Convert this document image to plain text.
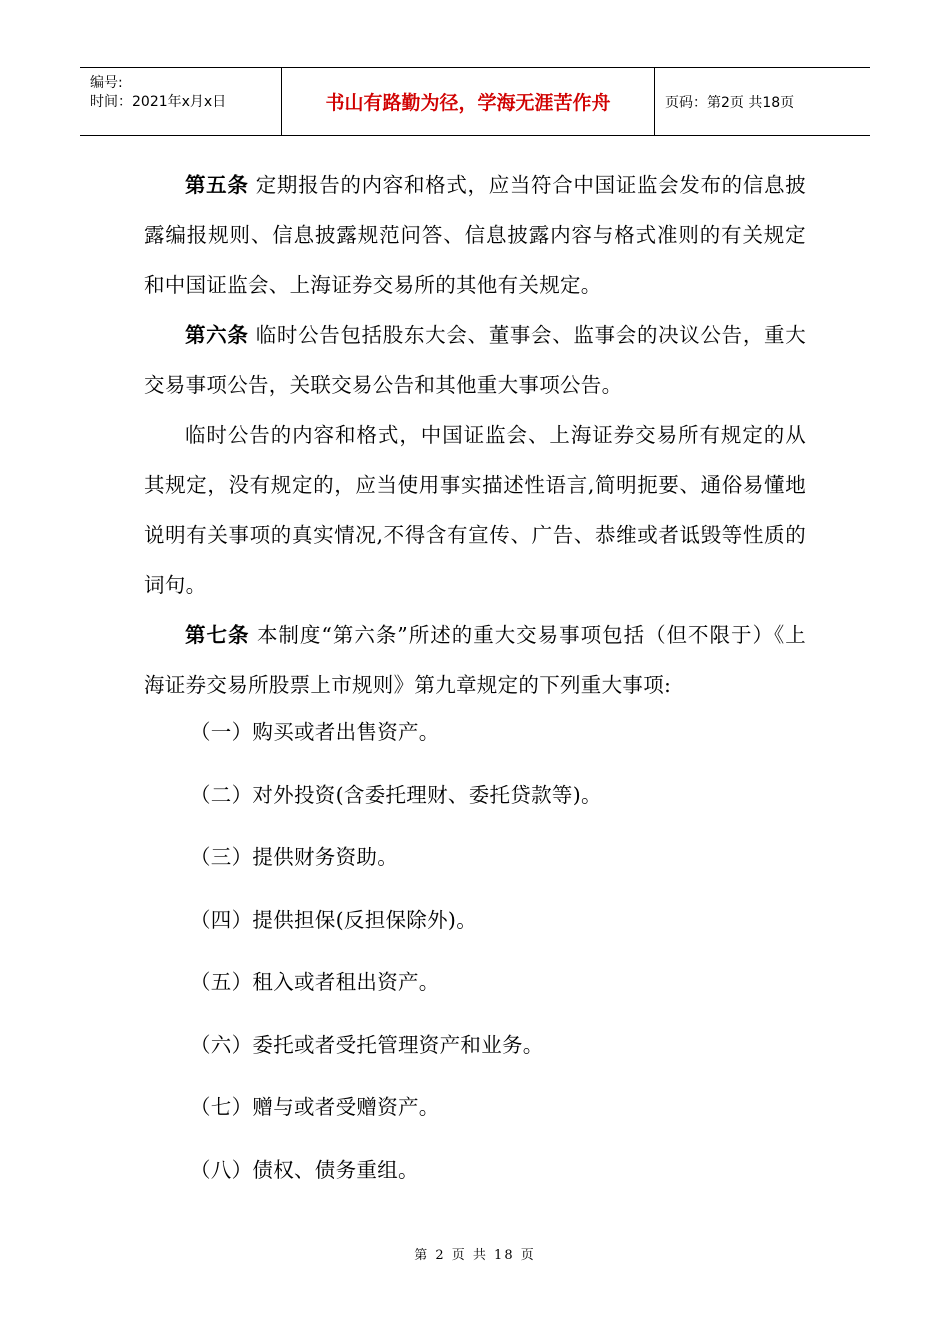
编号:
时间：2021年x月x日	书山有路勤为径，学海无涯苦作舟	页码：第2页 共18页

第五条 定期报告的内容和格式，应当符合中国证监会发布的信息披露编报规则、信息披露规范问答、信息披露内容与格式准则的有关规定和中国证监会、上海证券交易所的其他有关规定。

第六条 临时公告包括股东大会、董事会、监事会的决议公告，重大交易事项公告，关联交易公告和其他重大事项公告。

临时公告的内容和格式，中国证监会、上海证券交易所有规定的从其规定，没有规定的，应当使用事实描述性语言,简明扼要、通俗易懂地说明有关事项的真实情况,不得含有宣传、广告、恭维或者诋毁等性质的词句。

第七条 本制度“第六条”所述的重大交易事项包括（但不限于）《上海证券交易所股票上市规则》第九章规定的下列重大事项:

（一）购买或者出售资产。
（二）对外投资(含委托理财、委托贷款等)。
（三）提供财务资助。
（四）提供担保(反担保除外)。
（五）租入或者租出资产。
（六）委托或者受托管理资产和业务。
（七）赠与或者受赠资产。
（八）债权、债务重组。
第 2 页 共 18 页
